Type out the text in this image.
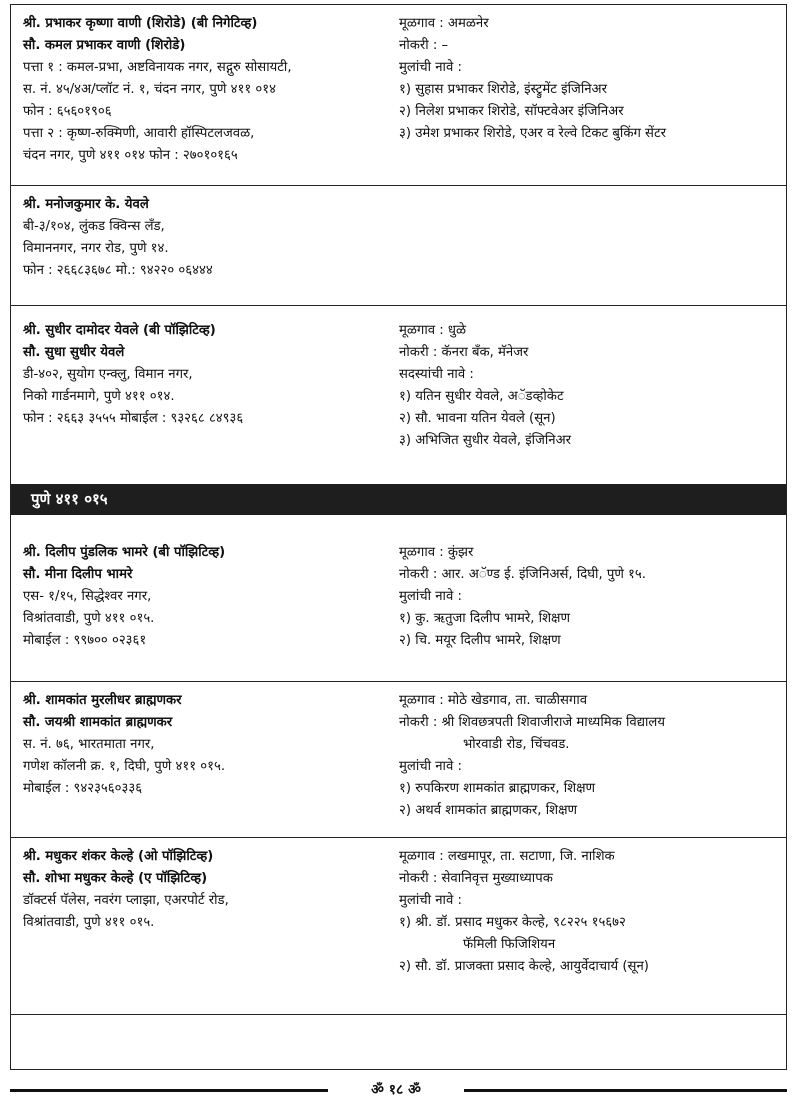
श्री. प्रभाकर कृष्णा वाणी (शिरोडे) (बी निगेटिव्ह)
सौ. कमल प्रभाकर वाणी (शिरोडे)
पत्ता १ : कमल-प्रभा, अष्टविनायक नगर, सद्गुरु सोसायटी,
स. नं. ४५/४अ/प्लॉट नं. १, चंदन नगर, पुणे ४११ ०१४
फोन : ६५६०१९०६
पत्ता २ : कृष्ण-रुक्मिणी, आवारी हॉस्पिटलजवळ,
चंदन नगर, पुणे ४११ ०१४ फोन : २७०१०१६५
मूळगाव : अमळनेर
नोकरी : –
मुलांची नावे :
१) सुहास प्रभाकर शिरोडे, इंस्ट्रुमेंट इंजिनिअर
२) निलेश प्रभाकर शिरोडे, सॉफ्टवेअर इंजिनिअर
३) उमेश प्रभाकर शिरोडे, एअर व रेल्वे टिकट बुकिंग सेंटर
श्री. मनोजकुमार के. येवले
बी-३/१०४, लुंकड क्विन्स लँड,
विमाननगर, नगर रोड, पुणे १४.
फोन : २६६८३६७८ मो.: ९४२२० ०६४४४
श्री. सुधीर दामोदर येवले (बी पॉझिटिव्ह)
सौ. सुधा सुधीर येवले
डी-४०२, सुयोग एन्क्लु, विमान नगर,
निको गार्डनमागे, पुणे ४११ ०१४.
फोन : २६६३ ३५५५ मोबाईल : ९३२६८ ८४९३६
मूळगाव : धुळे
नोकरी : कॅनरा बँक, मॅनेजर
सदस्यांची नावे :
१) यतिन सुधीर येवले, अॅडव्होकेट
२) सौ. भावना यतिन येवले (सून)
३) अभिजित सुधीर येवले, इंजिनिअर
पुणे ४११ ०१५
श्री. दिलीप पुंडलिक भामरे (बी पॉझिटिव्ह)
सौ. मीना दिलीप भामरे
एस- १/१५, सिद्धेश्वर नगर,
विश्रांतवाडी, पुणे ४११ ०१५.
मोबाईल : ९९७०० ०२३६१
मूळगाव : कुंझर
नोकरी : आर. अॅण्ड ई. इंजिनिअर्स, दिघी, पुणे १५.
मुलांची नावे :
१) कु. ऋतुजा दिलीप भामरे, शिक्षण
२) चि. मयूर दिलीप भामरे, शिक्षण
श्री. शामकांत मुरलीधर ब्राह्मणकर
सौ. जयश्री शामकांत ब्राह्मणकर
स. नं. ७६, भारतमाता नगर,
गणेश कॉलनी क्र. १, दिघी, पुणे ४११ ०१५.
मोबाईल : ९४२३५६०३३६
मूळगाव : मोठे खेडगाव, ता. चाळीसगाव
नोकरी : श्री शिवछत्रपती शिवाजीराजे माध्यमिक विद्यालय
भोरवाडी रोड, चिंचवड.
मुलांची नावे :
१) रुपकिरण शामकांत ब्राह्मणकर, शिक्षण
२) अथर्व शामकांत ब्राह्मणकर, शिक्षण
श्री. मधुकर शंकर केल्हे (ओ पॉझिटिव्ह)
सौ. शोभा मधुकर केल्हे (ए पॉझिटिव्ह)
डॉक्टर्स पॅलेस, नवरंग प्लाझा, एअरपोर्ट रोड,
विश्रांतवाडी, पुणे ४११ ०१५.
मूळगाव : लखमापूर, ता. सटाणा, जि. नाशिक
नोकरी : सेवानिवृत्त मुख्याध्यापक
मुलांची नावे :
१) श्री. डॉ. प्रसाद मधुकर केल्हे, ९८२२५ १५६७२
फॅमिली फिजिशियन
२) सौ. डॉ. प्राजक्ता प्रसाद केल्हे, आयुर्वेदाचार्य (सून)
ॐ १८ ॐ
